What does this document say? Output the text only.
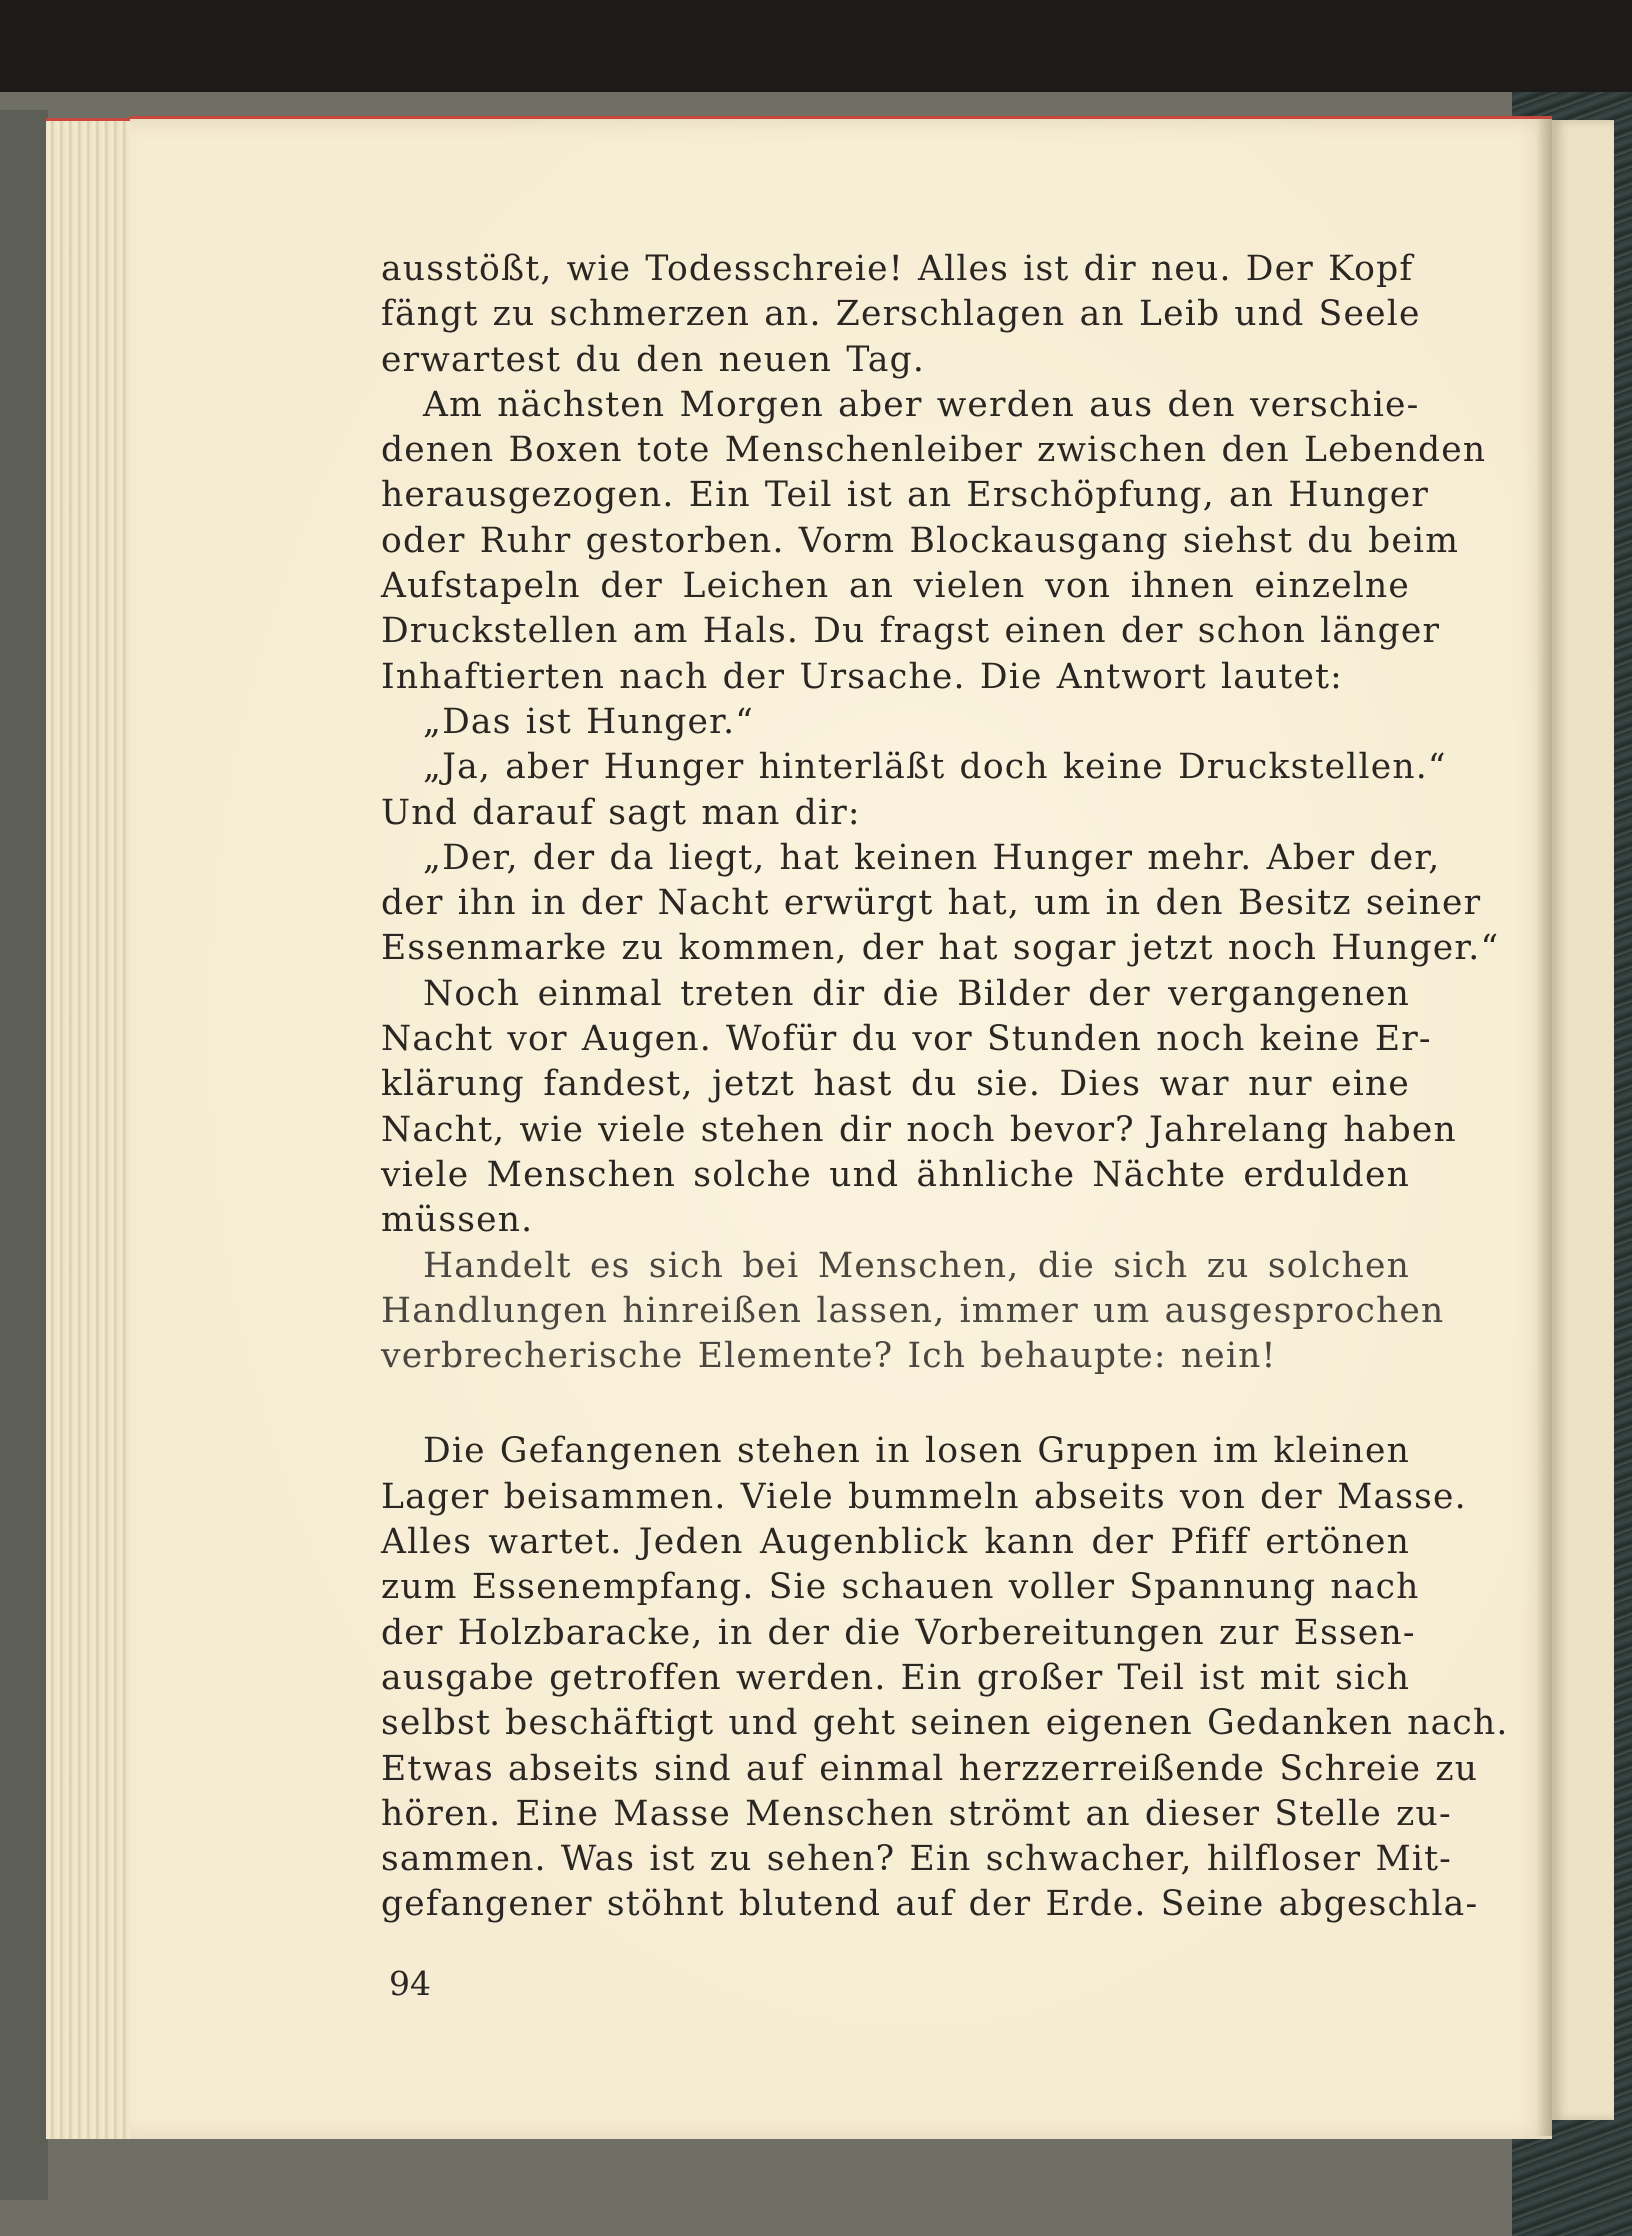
ausstößt, wie Todesschreie! Alles ist dir neu. Der Kopf
fängt zu schmerzen an. Zerschlagen an Leib und Seele
erwartest du den neuen Tag.
Am nächsten Morgen aber werden aus den verschie-
denen Boxen tote Menschenleiber zwischen den Lebenden
herausgezogen. Ein Teil ist an Erschöpfung, an Hunger
oder Ruhr gestorben. Vorm Blockausgang siehst du beim
Aufstapeln der Leichen an vielen von ihnen einzelne
Druckstellen am Hals. Du fragst einen der schon länger
Inhaftierten nach der Ursache. Die Antwort lautet:
„Das ist Hunger.“
„Ja, aber Hunger hinterläßt doch keine Druckstellen.“
Und darauf sagt man dir:
„Der, der da liegt, hat keinen Hunger mehr. Aber der,
der ihn in der Nacht erwürgt hat, um in den Besitz seiner
Essenmarke zu kommen, der hat sogar jetzt noch Hunger.“
Noch einmal treten dir die Bilder der vergangenen
Nacht vor Augen. Wofür du vor Stunden noch keine Er-
klärung fandest, jetzt hast du sie. Dies war nur eine
Nacht, wie viele stehen dir noch bevor? Jahrelang haben
viele Menschen solche und ähnliche Nächte erdulden
müssen.
Handelt es sich bei Menschen, die sich zu solchen
Handlungen hinreißen lassen, immer um ausgesprochen
verbrecherische Elemente? Ich behaupte: nein!
Die Gefangenen stehen in losen Gruppen im kleinen
Lager beisammen. Viele bummeln abseits von der Masse.
Alles wartet. Jeden Augenblick kann der Pfiff ertönen
zum Essenempfang. Sie schauen voller Spannung nach
der Holzbaracke, in der die Vorbereitungen zur Essen-
ausgabe getroffen werden. Ein großer Teil ist mit sich
selbst beschäftigt und geht seinen eigenen Gedanken nach.
Etwas abseits sind auf einmal herzzerreißende Schreie zu
hören. Eine Masse Menschen strömt an dieser Stelle zu-
sammen. Was ist zu sehen? Ein schwacher, hilfloser Mit-
gefangener stöhnt blutend auf der Erde. Seine abgeschla-
94
